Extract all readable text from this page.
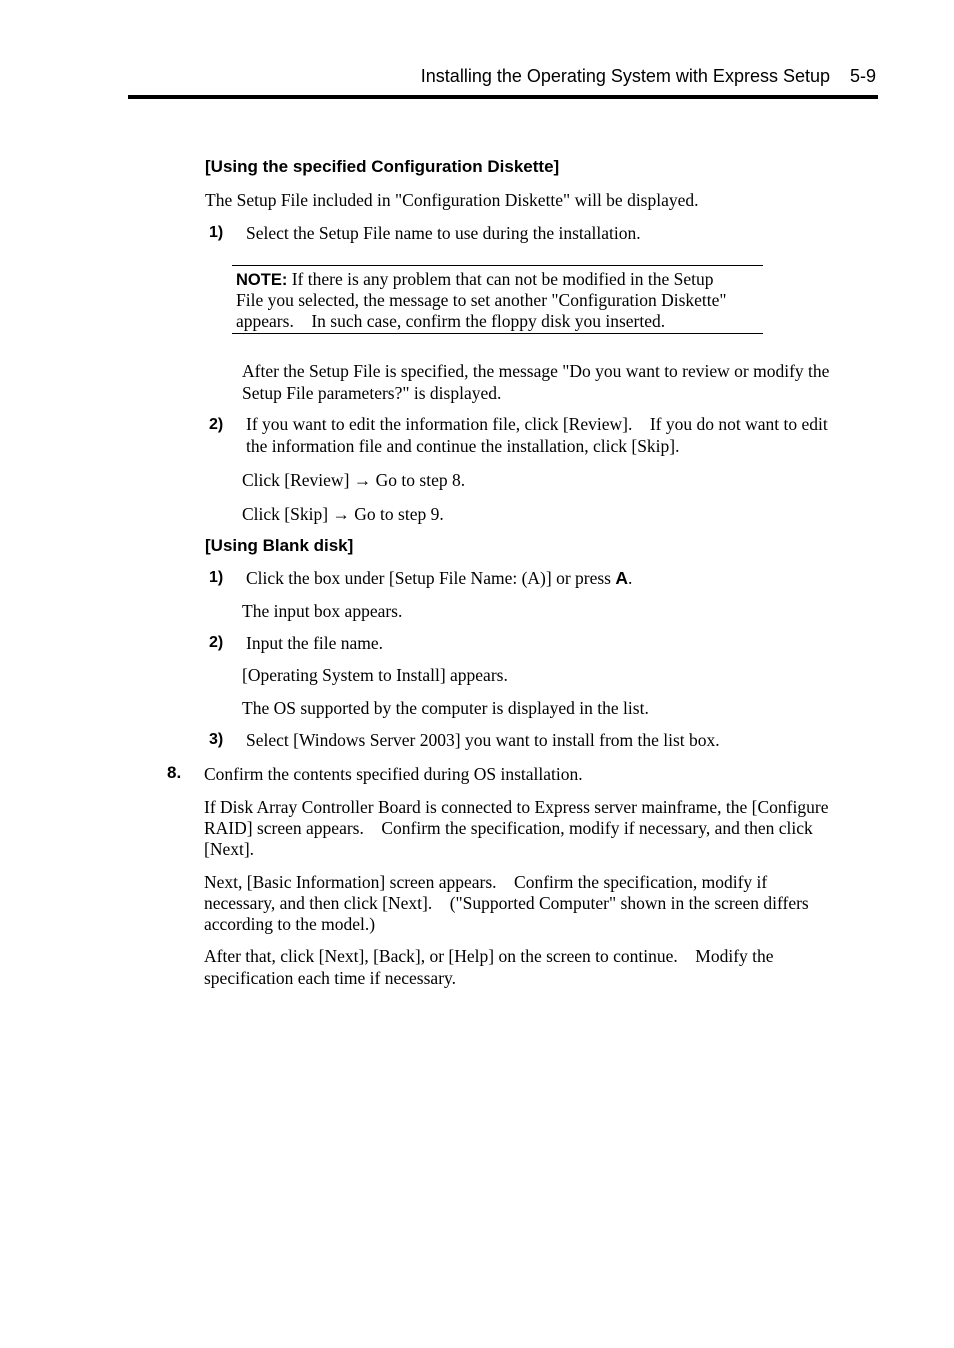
Installing the Operating System with Express Setup 5-9
[Using the specified Configuration Diskette]
The Setup File included in "Configuration Diskette" will be displayed.
1) Select the Setup File name to use during the installation.
NOTE: If there is any problem that can not be modified in the Setup
File you selected, the message to set another "Configuration Diskette"
appears. In such case, confirm the floppy disk you inserted.
After the Setup File is specified, the message "Do you want to review or modify the
Setup File parameters?" is displayed.
2) If you want to edit the information file, click [Review]. If you do not want to edit
the information file and continue the installation, click [Skip].
Click [Review] → Go to step 8.
Click [Skip] → Go to step 9.
[Using Blank disk]
1) Click the box under [Setup File Name: (A)] or press A.
The input box appears.
2) Input the file name.
[Operating System to Install] appears.
The OS supported by the computer is displayed in the list.
3) Select [Windows Server 2003] you want to install from the list box.
8. Confirm the contents specified during OS installation.
If Disk Array Controller Board is connected to Express server mainframe, the [Configure
RAID] screen appears. Confirm the specification, modify if necessary, and then click
[Next].
Next, [Basic Information] screen appears. Confirm the specification, modify if
necessary, and then click [Next]. ("Supported Computer" shown in the screen differs
according to the model.)
After that, click [Next], [Back], or [Help] on the screen to continue. Modify the
specification each time if necessary.
